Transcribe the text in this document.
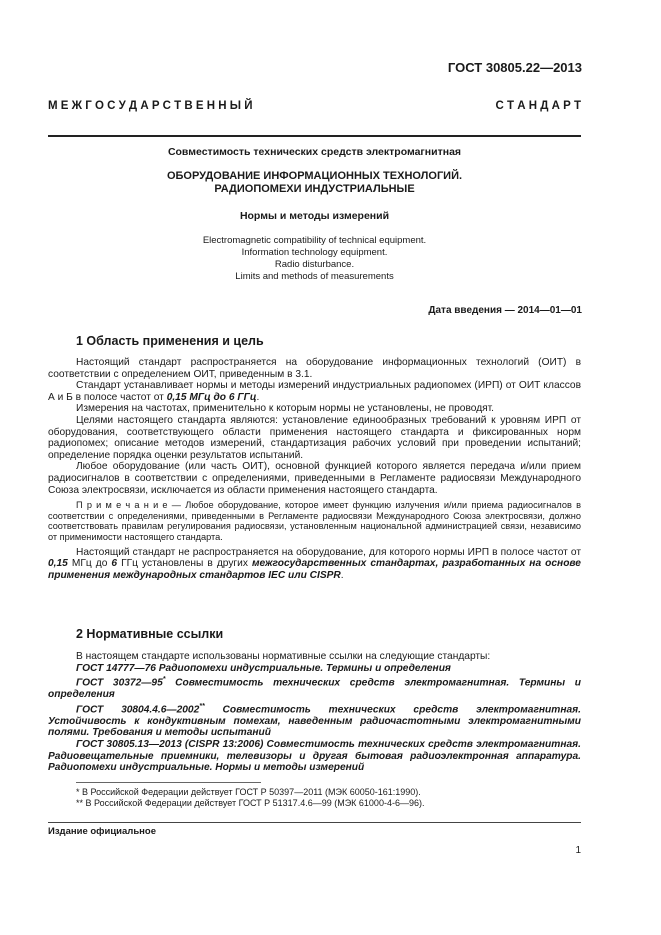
ГОСТ 30805.22—2013
М Е Ж Г О С У Д А Р С Т В Е Н Н Ы Й	С Т А Н Д А Р Т
Совместимость технических средств электромагнитная
ОБОРУДОВАНИЕ ИНФОРМАЦИОННЫХ ТЕХНОЛОГИЙ.
РАДИОПОМЕХИ ИНДУСТРИАЛЬНЫЕ
Нормы и методы измерений
Electromagnetic compatibility of technical equipment.
Information technology equipment.
Radio disturbance.
Limits and methods of measurements
Дата введения — 2014—01—01
1 Область применения и цель

Настоящий стандарт распространяется на оборудование информационных технологий (ОИТ) в соответствии с определением ОИТ, приведенным в 3.1.

Стандарт устанавливает нормы и методы измерений индустриальных радиопомех (ИРП) от ОИТ классов А и Б в полосе частот от 0,15 МГц до 6 ГГц.

Измерения на частотах, применительно к которым нормы не установлены, не проводят.

Целями настоящего стандарта являются: установление единообразных требований к уровням ИРП от оборудования, соответствующего области применения настоящего стандарта и фиксированных норм радиопомех; описание методов измерений, стандартизация рабочих условий при проведении испытаний; определение порядка оценки результатов испытаний.

Любое оборудование (или часть ОИТ), основной функцией которого является передача и/или прием радиосигналов в соответствии с определениями, приведенными в Регламенте радиосвязи Международного Союза электросвязи, исключается из области применения настоящего стандарта.

П р и м е ч а н и е — Любое оборудование, которое имеет функцию излучения и/или приема радиосигналов в соответствии с определениями, приведенными в Регламенте радиосвязи Международного Союза электросвязи, должно соответствовать правилам регулирования радиосвязи, установленным национальной администрацией связи, независимо от применимости настоящего стандарта.

Настоящий стандарт не распространяется на оборудование, для которого нормы ИРП в полосе частот от 0,15 МГц до 6 ГГц установлены в других межгосударственных стандартах, разработанных на основе применения международных стандартов IEC или CISPR.

2 Нормативные ссылки

В настоящем стандарте использованы нормативные ссылки на следующие стандарты:

ГОСТ 14777—76 Радиопомехи индустриальные. Термины и определения

ГОСТ 30372—95* Совместимость технических средств электромагнитная. Термины и определения

ГОСТ 30804.4.6—2002** Совместимость технических средств электромагнитная. Устойчивость к кондуктивным помехам, наведенным радиочастотными электромагнитными полями. Требования и методы испытаний

ГОСТ 30805.13—2013 (CISPR 13:2006) Совместимость технических средств электромагнитная. Радиовещательные приемники, телевизоры и другая бытовая радиоэлектронная аппаратура. Радиопомехи индустриальные. Нормы и методы измерений

* В Российской Федерации действует ГОСТ Р 50397—2011 (МЭК 60050-161:1990).
** В Российской Федерации действует ГОСТ Р 51317.4.6—99 (МЭК 61000-4-6—96).
Издание официальное
1
